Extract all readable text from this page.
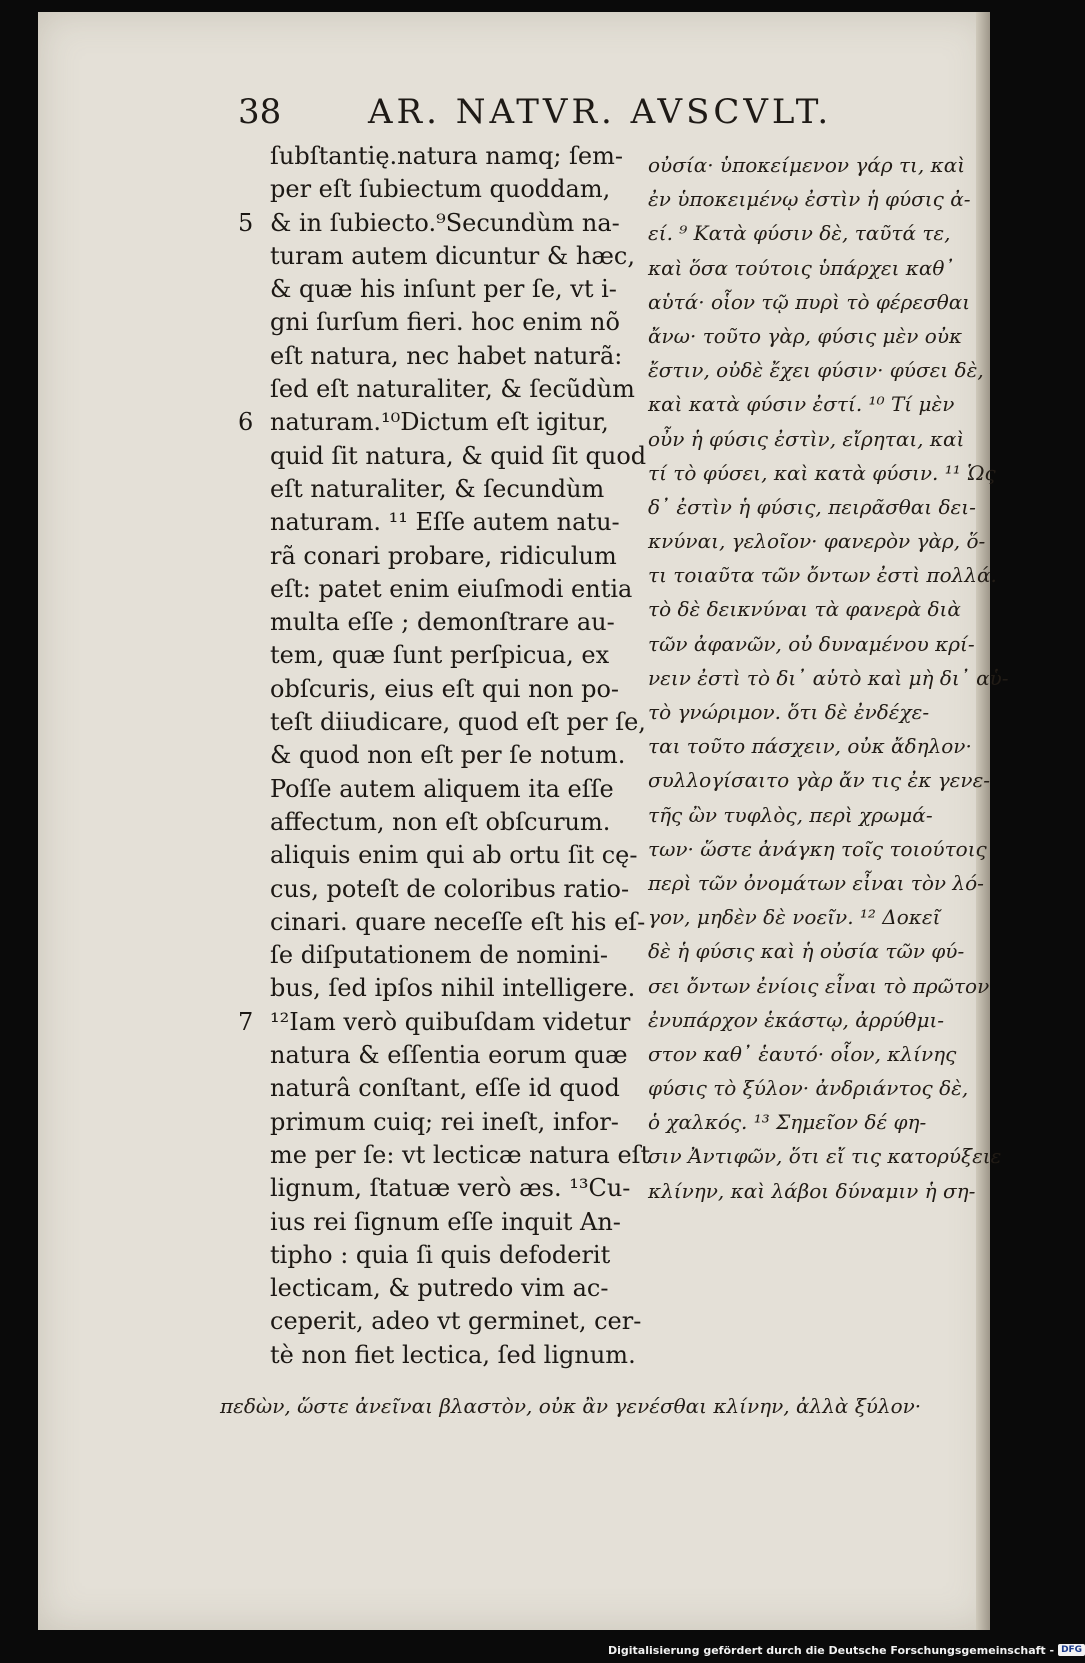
38	AR. NATVR. AVSCVLT.
5
6
7
ſubſtantię.natura namq; ſem-
per eſt ſubiectum quoddam,
& in ſubiecto.⁹Secundùm na-
turam autem dicuntur & hæc,
& quæ his inſunt per ſe, vt i-
gni ſurſum fieri. hoc enim nõ
eſt natura, nec habet naturã:
ſed eſt naturaliter, & ſecũdùm
naturam.¹⁰Dictum eſt igitur,
quid ſit natura, & quid ſit quod
eſt naturaliter, & ſecundùm
naturam. ¹¹ Eſſe autem natu-
rã conari probare, ridiculum
eſt: patet enim eiuſmodi entia
multa eſſe ; demonſtrare au-
tem, quæ ſunt perſpicua, ex
obſcuris, eius eſt qui non po-
teſt diiudicare, quod eſt per ſe,
& quod non eſt per ſe notum.
Poſſe autem aliquem ita eſſe
affectum, non eſt obſcurum.
aliquis enim qui ab ortu ſit cę-
cus, poteſt de coloribus ratio-
cinari. quare neceſſe eſt his eſ-
ſe diſputationem de nomini-
bus, ſed ipſos nihil intelligere.
¹²Iam verò quibuſdam videtur
natura & eſſentia eorum quæ
naturâ conſtant, eſſe id quod
primum cuiq; rei ineſt, infor-
me per ſe: vt lecticæ natura eſt
lignum, ſtatuæ verò æs. ¹³Cu-
ius rei ſignum eſſe inquit An-
tipho : quia ſi quis defoderit
lecticam, & putredo vim ac-
ceperit, adeo vt germinet, cer-
tè non fiet lectica, ſed lignum.
οὐσία· ὑποκείμενον γάρ τι, καὶ
ἐν ὑποκειμένῳ ἐστὶν ἡ φύσις ἀ-
εί. ⁹ Κατὰ φύσιν δὲ, ταῦτά τε,
καὶ ὅσα τούτοις ὑπάρχει καθ᾽
αὑτά· οἷον τῷ πυρὶ τὸ φέρεσθαι
ἄνω· τοῦτο γὰρ, φύσις μὲν οὐκ
ἔστιν, οὐδὲ ἔχει φύσιν· φύσει δὲ,
καὶ κατὰ φύσιν ἐστί. ¹⁰ Τί μὲν
οὖν ἡ φύσις ἐστὶν, εἴρηται, καὶ
τί τὸ φύσει, καὶ κατὰ φύσιν. ¹¹ Ὡς
δ᾽ ἐστὶν ἡ φύσις, πειρᾶσθαι δει-
κνύναι, γελοῖον· φανερὸν γὰρ, ὅ-
τι τοιαῦτα τῶν ὄντων ἐστὶ πολλά.
τὸ δὲ δεικνύναι τὰ φανερὰ διὰ
τῶν ἀφανῶν, οὐ δυναμένου κρί-
νειν ἐστὶ τὸ δι᾽ αὑτὸ καὶ μὴ δι᾽ αὑ-
τὸ γνώριμον. ὅτι δὲ ἐνδέχε-
ται τοῦτο πάσχειν, οὐκ ἄδηλον·
συλλογίσαιτο γὰρ ἄν τις ἐκ γενε-
τῆς ὢν τυφλὸς, περὶ χρωμά-
των· ὥστε ἀνάγκη τοῖς τοιούτοις
περὶ τῶν ὀνομάτων εἶναι τὸν λό-
γον, μηδὲν δὲ νοεῖν. ¹² Δοκεῖ
δὲ ἡ φύσις καὶ ἡ οὐσία τῶν φύ-
σει ὄντων ἐνίοις εἶναι τὸ πρῶτον
ἐνυπάρχον ἑκάστῳ, ἀρρύθμι-
στον καθ᾽ ἑαυτό· οἷον, κλίνης
φύσις τὸ ξύλον· ἀνδριάντος δὲ,
ὁ χαλκός. ¹³ Σημεῖον δέ φη-
σιν Ἀντιφῶν, ὅτι εἴ τις κατορύξειε
κλίνην, καὶ λάβοι δύναμιν ἡ ση-
πεδὼν, ὥστε ἀνεῖναι βλαστὸν, οὐκ ἂν γενέσθαι κλίνην, ἀλλὰ ξύλον·
Digitalisierung gefördert durch die Deutsche Forschungsgemeinschaft - DFG
